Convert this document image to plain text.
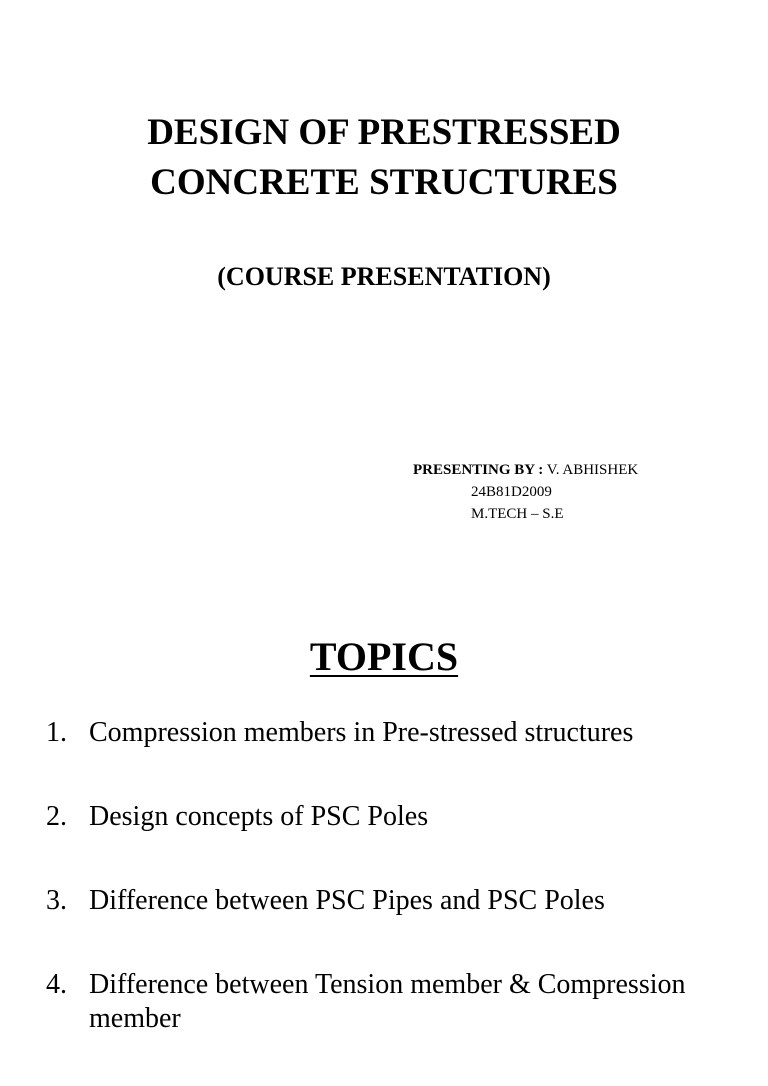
DESIGN OF PRESTRESSED
CONCRETE STRUCTURES
(COURSE PRESENTATION)
PRESENTING BY : V. ABHISHEK
24B81D2009
M.TECH – S.E
TOPICS
1. Compression members in Pre-stressed structures
2. Design concepts of PSC Poles
3. Difference between PSC Pipes and PSC Poles
4. Difference between Tension member & Compression member
